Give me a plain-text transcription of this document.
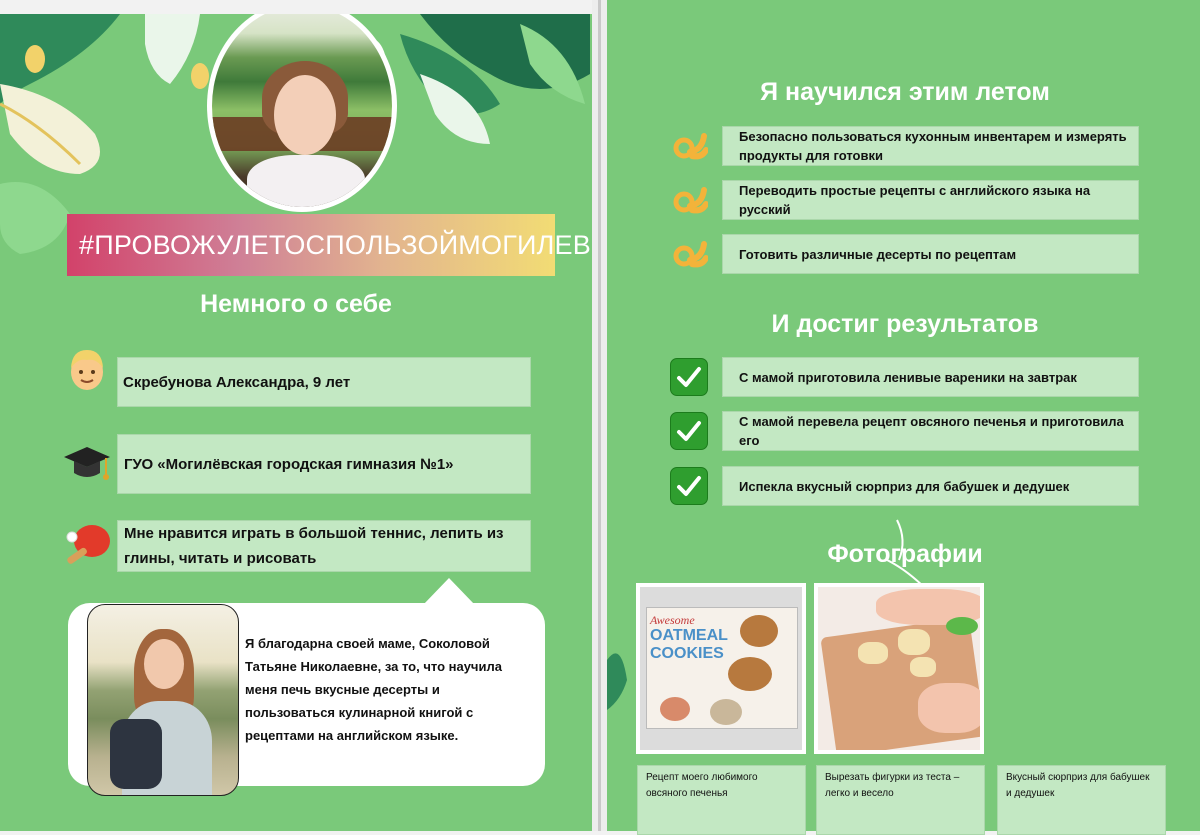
#ПРОВОЖУЛЕТОСПОЛЬЗОЙМОГИЛЕВ
Немного о себе
Скребунова Александра, 9 лет
ГУО «Могилёвская городская гимназия №1»
Мне нравится играть в большой теннис, лепить из глины, читать и рисовать
Я благодарна своей маме, Соколовой Татьяне Николаевне, за то, что научила меня печь вкусные десерты и пользоваться кулинарной книгой с рецептами на английском языке.
Я научился этим летом
Безопасно пользоваться кухонным инвентарем и измерять продукты для готовки
Переводить простые рецепты с английского языка на русский
Готовить различные десерты по рецептам
И достиг результатов
С мамой приготовила ленивые вареники на завтрак
С мамой перевела рецепт овсяного печенья и приготовила его
Испекла вкусный сюрприз для бабушек и дедушек
Фотографии
Awesome
OATMEAL
COOKIES
Рецепт моего любимого овсяного печенья
Вырезать фигурки из теста – легко и весело
Вкусный сюрприз для бабушек и дедушек
